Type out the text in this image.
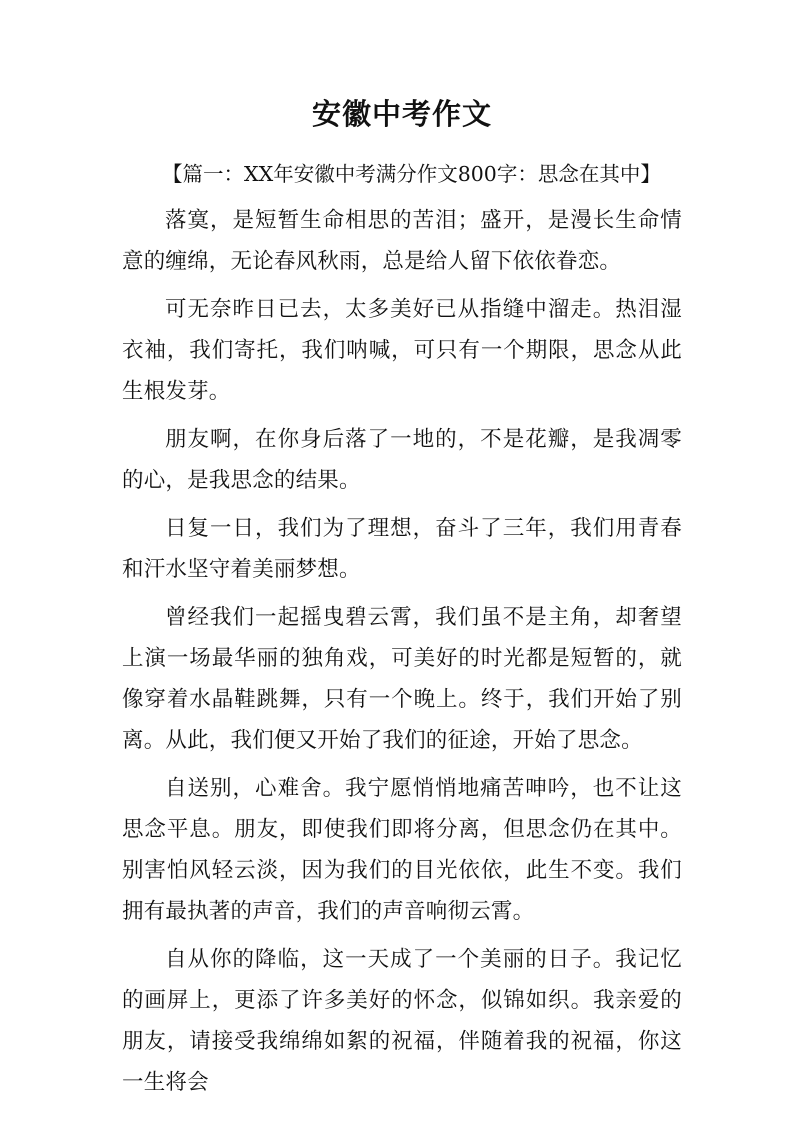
安徽中考作文

【篇一：XX年安徽中考满分作文800字：思念在其中】

落寞，是短暂生命相思的苦泪；盛开，是漫长生命情意的缠绵，无论春风秋雨，总是给人留下依依眷恋。

可无奈昨日已去，太多美好已从指缝中溜走。热泪湿衣袖，我们寄托，我们呐喊，可只有一个期限，思念从此生根发芽。

朋友啊，在你身后落了一地的，不是花瓣，是我凋零的心，是我思念的结果。

日复一日，我们为了理想，奋斗了三年，我们用青春和汗水坚守着美丽梦想。

曾经我们一起摇曳碧云霄，我们虽不是主角，却奢望上演一场最华丽的独角戏，可美好的时光都是短暂的，就像穿着水晶鞋跳舞，只有一个晚上。终于，我们开始了别离。从此，我们便又开始了我们的征途，开始了思念。

自送别，心难舍。我宁愿悄悄地痛苦呻吟，也不让这思念平息。朋友，即使我们即将分离，但思念仍在其中。别害怕风轻云淡，因为我们的目光依依，此生不变。我们拥有最执著的声音，我们的声音响彻云霄。

自从你的降临，这一天成了一个美丽的日子。我记忆的画屏上，更添了许多美好的怀念，似锦如织。我亲爱的朋友，请接受我绵绵如絮的祝福，伴随着我的祝福，你这一生将会
